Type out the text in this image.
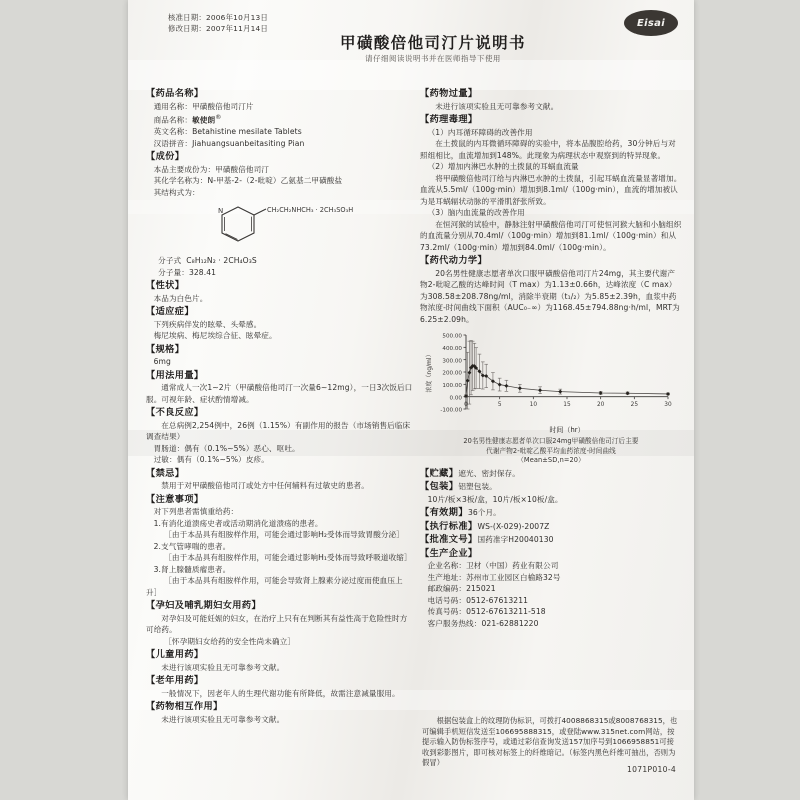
核准日期：2006年10月13日
修改日期：2007年11月14日	Eisai
甲磺酸倍他司汀片说明书
请仔细阅读说明书并在医师指导下使用
【药品名称】

通用名称：甲磺酸倍他司汀片

商品名称：敏使朗®

英文名称：Betahistine mesilate Tablets

汉语拼音：Jiahuangsuanbeitasiting Pian

【成份】

本品主要成份为：甲磺酸倍他司汀

其化学名称为：N-甲基-2-（2-吡啶）乙氨基二甲磺酸盐

其结构式为：

N	CH₂CH₂NHCH₃ · 2CH₃SO₃H

分子式 C₈H₁₂N₂ · 2CH₄O₃S

分子量：328.41

【性状】

本品为白色片。

【适应症】

下列疾病伴发的眩晕、头晕感。

梅尼埃病、梅尼埃综合征、眩晕症。

【规格】

6mg

【用法用量】

通常成人一次1~2片（甲磺酸倍他司汀一次量6~12mg），一日3次饭后口服。可视年龄、症状酌情增减。

【不良反应】

在总病例2,254例中，26例（1.15%）有副作用的报告（市场销售后临床调查结果）

胃肠道：偶有（0.1%~5%）恶心、呕吐。

过敏：偶有（0.1%~5%）皮疹。

【禁忌】

禁用于对甲磺酸倍他司汀或处方中任何辅料有过敏史的患者。

【注意事项】

对下列患者需慎重给药：

1.有消化道溃疡史者或活动期消化道溃疡的患者。

［由于本品具有组胺样作用，可能会通过影响H₂受体而导致胃酸分泌］

2.支气管哮喘的患者。

［由于本品具有组胺样作用，可能会通过影响H₁受体而导致呼吸道收缩］

3.肾上腺髓质瘤患者。

［由于本品具有组胺样作用，可能会导致肾上腺素分泌过度而使血压上升］

【孕妇及哺乳期妇女用药】

对孕妇及可能妊娠的妇女，在治疗上只有在判断其有益性高于危险性时方可给药。

［怀孕期妇女给药的安全性尚未确立］

【儿童用药】

未进行该项实验且无可靠参考文献。

【老年用药】

一般情况下，因老年人的生理代谢功能有所降低，故需注意减量服用。

【药物相互作用】

未进行该项实验且无可靠参考文献。

【药物过量】

未进行该项实验且无可靠参考文献。

【药理毒理】

（1）内耳循环障碍的改善作用

在土拨鼠的内耳微循环障碍的实验中，将本品腹腔给药，30分钟后与对照组相比，血流增加到148%。此现象为病理状态中观察到的特异现象。

（2）增加内淋巴水肿的土拨鼠的耳蜗血流量

将甲磺酸倍他司汀给与内淋巴水肿的土拨鼠，引起耳蜗血流量显著增加。血流从5.5ml/（100g·min）增加到8.1ml/（100g·min），血流的增加被认为是耳蜗辐状动脉的平滑肌舒张所致。

（3）脑内血流量的改善作用

在恒河猴的试验中，静脉注射甲磺酸倍他司汀可使恒河猴大脑和小脑组织的血流量分别从70.4ml/（100g·min）增加到81.1ml/（100g·min）和从73.2ml/（100g·min）增加到84.0ml/（100g·min）。

【药代动力学】

20名男性健康志愿者单次口服甲磺酸倍他司汀片24mg，其主要代谢产物2-吡啶乙酸的达峰时间（T max）为1.13±0.66h，达峰浓度（C max）为308.58±208.78ng/ml，消除半衰期（t₁/₂）为5.85±2.39h，血浆中药物浓度-时间曲线下面积（AUC₀₋∞）为1168.45±794.88ng·h/ml，MRT为6.25±2.09h。

-100.00
0.00
100.00
200.00
300.00
400.00
500.00
5	10	15	20	25	30
0
时间（hr）
浓度（ng/ml）
20名男性健康志愿者单次口服24mg甲磺酸倍他司汀后主要
代谢产物2-吡啶乙酸平均血药浓度-时间曲线
（Mean±SD,n=20）

【贮藏】遮光、密封保存。

【包装】铝塑包装。

10片/板×3板/盒，10片/板×10板/盒。

【有效期】36个月。

【执行标准】WS-(X-029)-2007Z

【批准文号】国药准字H20040130

【生产企业】

企业名称：卫材（中国）药业有限公司

生产地址：苏州市工业园区白榆路32号

邮政编码：215021

电话号码：0512-67613211

传真号码：0512-67613211-518

客户服务热线：021-62881220

根据包装盒上的纹理防伪标识，可拨打4008868315或8008768315，也可编辑手机短信发送至106695888315，或登陆www.315net.com网站，按提示输入防伪标签序号，或通过彩信查询发送157加序号到1066958851可接收到彩影图片，即可核对标签上的纤维暗记。（标签内黑色纤维可抽出，否则为假冒）

1071P010-4
